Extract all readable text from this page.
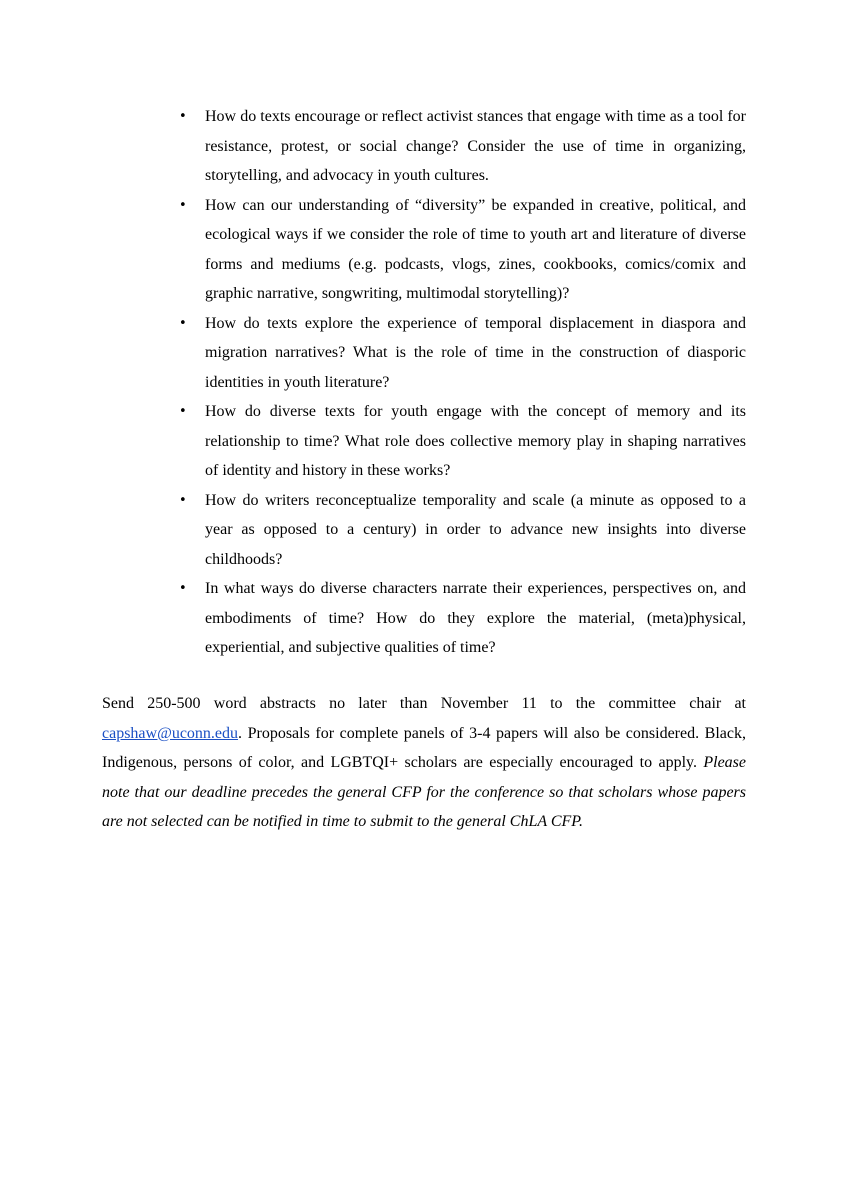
• How do texts encourage or reflect activist stances that engage with time as a tool for resistance, protest, or social change? Consider the use of time in organizing, storytelling, and advocacy in youth cultures.
• How can our understanding of “diversity” be expanded in creative, political, and ecological ways if we consider the role of time to youth art and literature of diverse forms and mediums (e.g. podcasts, vlogs, zines, cookbooks, comics/comix and graphic narrative, songwriting, multimodal storytelling)?
• How do texts explore the experience of temporal displacement in diaspora and migration narratives? What is the role of time in the construction of diasporic identities in youth literature?
• How do diverse texts for youth engage with the concept of memory and its relationship to time? What role does collective memory play in shaping narratives of identity and history in these works?
• How do writers reconceptualize temporality and scale (a minute as opposed to a year as opposed to a century) in order to advance new insights into diverse childhoods?
• In what ways do diverse characters narrate their experiences, perspectives on, and embodiments of time? How do they explore the material, (meta)physical, experiential, and subjective qualities of time?

Send 250-500 word abstracts no later than November 11 to the committee chair at capshaw@uconn.edu. Proposals for complete panels of 3-4 papers will also be considered. Black, Indigenous, persons of color, and LGBTQI+ scholars are especially encouraged to apply. Please note that our deadline precedes the general CFP for the conference so that scholars whose papers are not selected can be notified in time to submit to the general ChLA CFP.
